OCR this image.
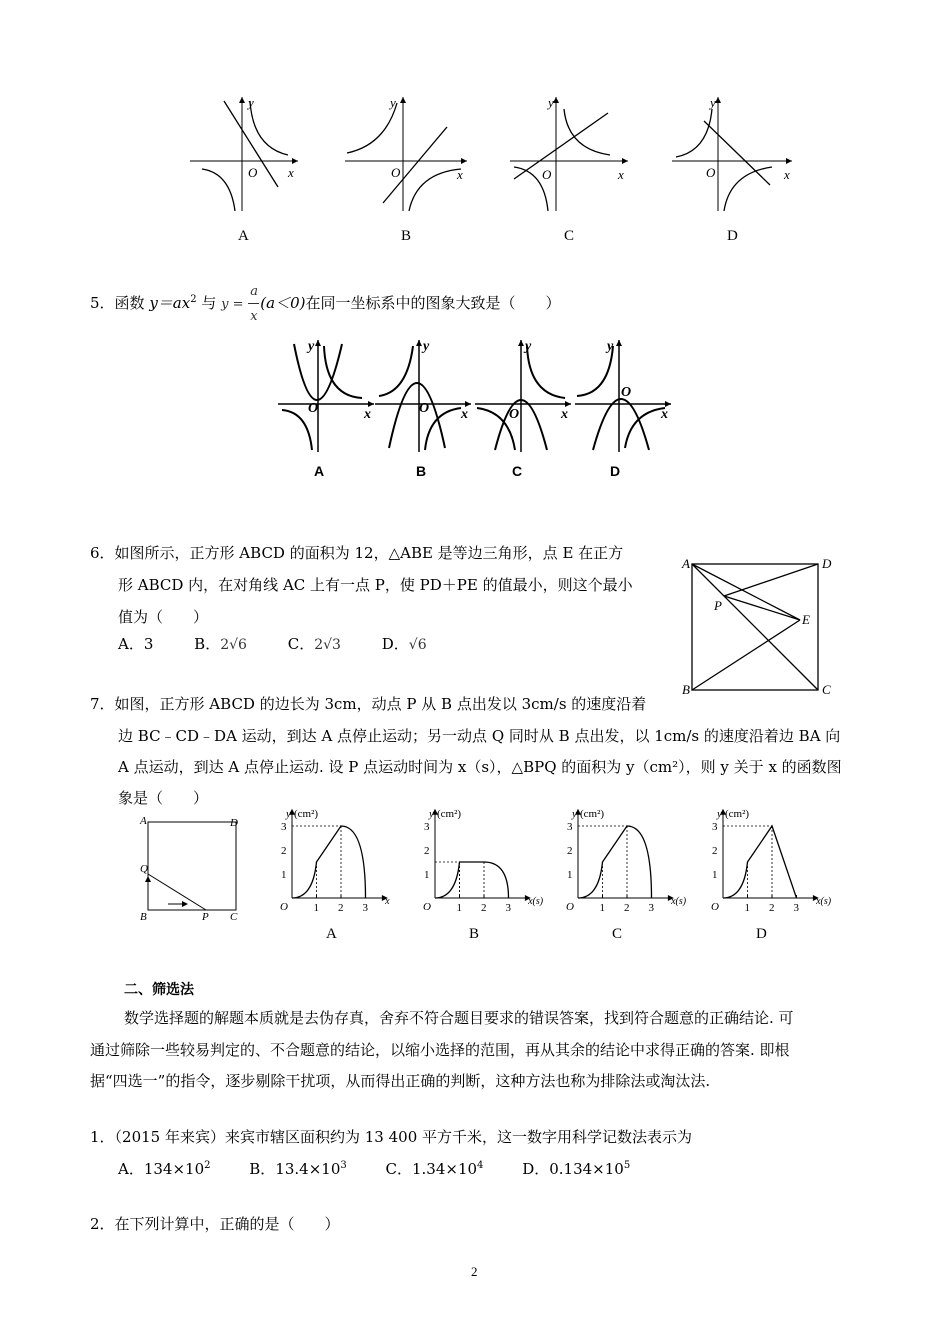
y
O x
y
O	x
y
O	x
y
O	x
A	B	C	D
5．函数 $y=ax^2$ 与 $y = \frac{a}{x} (a<0)$在同一坐标系中的图象大致是（　　）
y
O	x
y
O x
y
O	x
y
O
x
A	B	C	D
6．如图所示，正方形 ABCD 的面积为 12，△ABE 是等边三角形，点 E 在正方
形 ABCD 内，在对角线 AC 上有一点 P，使 PD＋PE 的值最小，则这个最小
值为（　　）
A．3	B．2√6	C．2√3	D．√6
A	D
B	C
E
P
7．如图，正方形 ABCD 的边长为 3cm，动点 P 从 B 点出发以 3cm/s 的速度沿着
边 BC﹣CD﹣DA 运动，到达 A 点停止运动；另一动点 Q 同时从 B 点出发，以 1cm/s 的速度沿着边 BA 向
A 点运动，到达 A 点停止运动. 设 P 点运动时间为 x（s），△BPQ 的面积为 y（cm²），则 y 关于 x 的函数图
象是（　　）
A	D
Q
B	P C
1
1
2
2
3
3
O
y (cm²)
x
1
1
2
2
3
3
O
y (cm²)
x(s)
1
1
2
2
3
3
O
y (cm²)
x(s)
1
1
2
2
3
3
O
y (cm²)
x(s)
A	B	C	D
二、筛选法
数学选择题的解题本质就是去伪存真，舍弃不符合题目要求的错误答案，找到符合题意的正确结论. 可
通过筛除一些较易判定的、不合题意的结论，以缩小选择的范围，再从其余的结论中求得正确的答案. 即根
据“四选一”的指令，逐步剔除干扰项，从而得出正确的判断，这种方法也称为排除法或淘汰法.
1．（2015 年来宾）来宾市辖区面积约为 13 400 平方千米，这一数字用科学记数法表示为
A．$134\times 10^2$	B．$13.4\times 10^3$	C．$1.34\times 10^4$	D．$0.134\times 10^5$
2．在下列计算中，正确的是（　　）
2
